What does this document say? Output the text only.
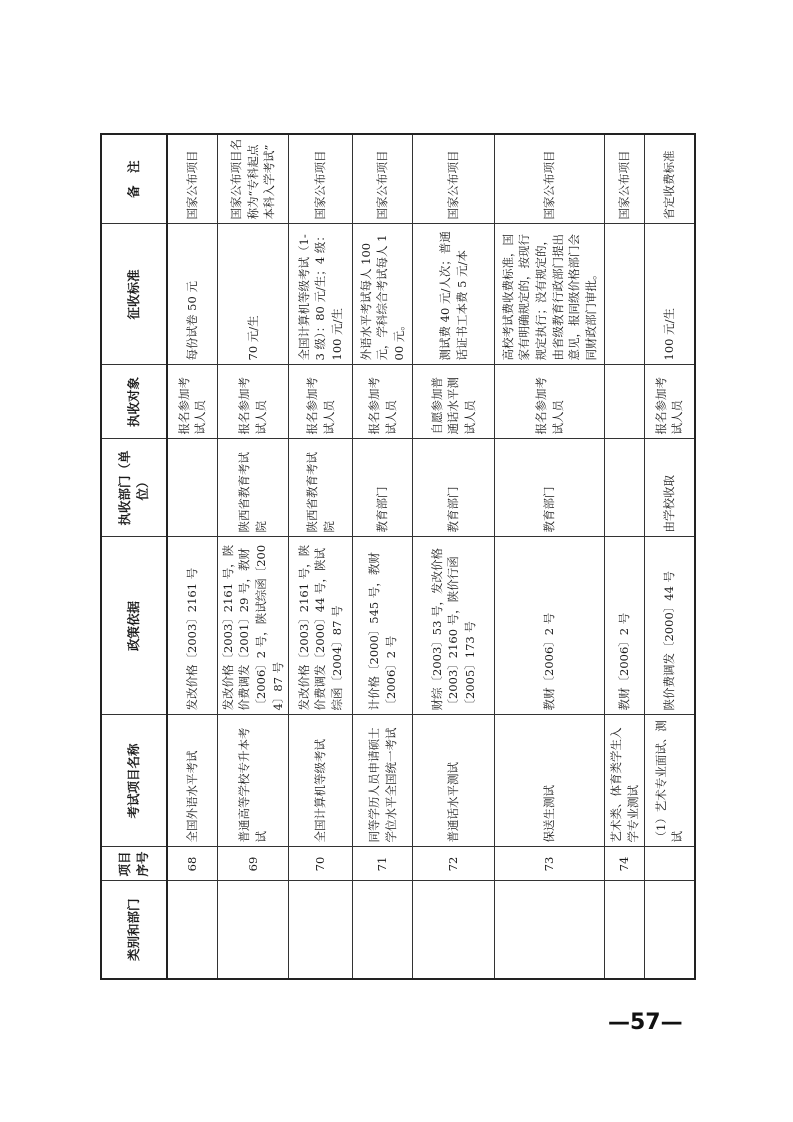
类别和部门	项目序号	考试项目名称	政策依据	执收部门（单位）	执收对象	征收标准	备　注
	68	全国外语水平考试	发改价格〔2003〕2161 号		报名参加考试人员	每份试卷 50 元	国家公布项目
	69	普通高等学校专升本考试	发改价格〔2003〕2161 号，陕价费调发〔2001〕29 号，教财〔2006〕2 号，陕试综函〔2004〕87 号	陕西省教育考试院	报名参加考试人员	70 元/生	国家公布项目名称为“专科起点本科入学考试”
	70	全国计算机等级考试	发改价格〔2003〕2161 号，陕价费调发〔2000〕44 号，陕试综函〔2004〕87 号	陕西省教育考试院	报名参加考试人员	全国计算机等级考试（1-3 级）：80 元/生；4 级：100 元/生	国家公布项目
	71	同等学历人员申请硕士学位水平全国统一考试	计价格〔2000〕545 号，教财〔2006〕2 号	教育部门	报名参加考试人员	外语水平考试每人 100 元，学科综合考试每人 100 元。	国家公布项目
	72	普通话水平测试	财综〔2003〕53 号，发改价格〔2003〕2160 号，陕价行函〔2005〕173 号	教育部门	自愿参加普通话水平测试人员	测试费 40 元/人次；普通话证书工本费 5 元/本	国家公布项目
	73	保送生测试	教财〔2006〕2 号	教育部门	报名参加考试人员	高校考试费收费标准，国家有明确规定的，按现行规定执行；没有规定的，由省级教育行政部门提出意见，报同级价格部门会同财政部门审批。	国家公布项目
	74	艺术类、体育类学生入学专业测试	教财〔2006〕2 号				国家公布项目
		（1）艺术专业面试、测试	陕价费调发〔2000〕44 号	由学校收取	报名参加考试人员	100 元/生	省定收费标准
—57—
